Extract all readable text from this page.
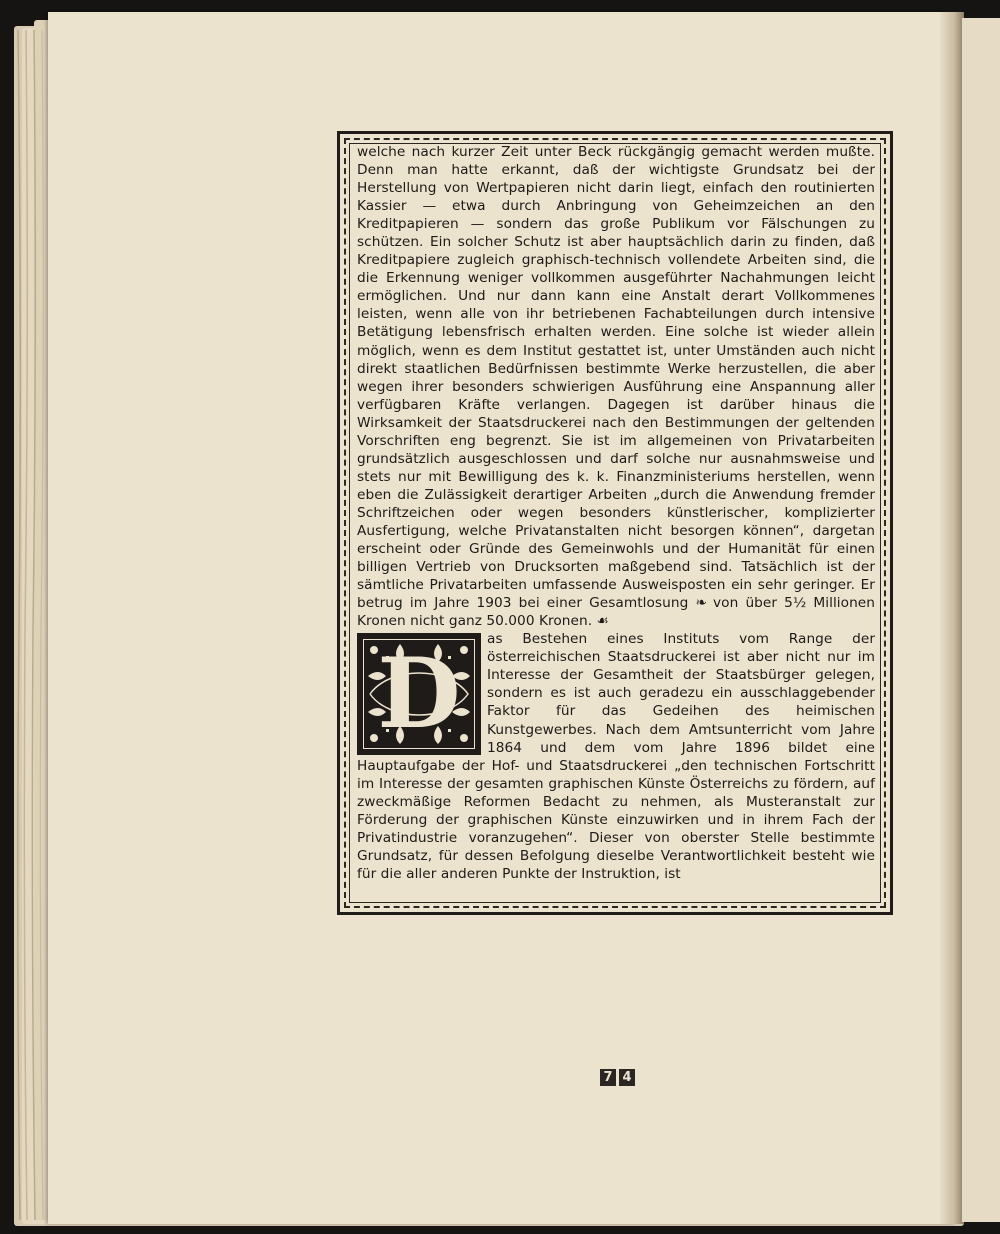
welche nach kurzer Zeit unter Beck rückgängig gemacht werden mußte. Denn man hatte erkannt, daß der wichtigste Grundsatz bei der Herstellung von Wertpapieren nicht darin liegt, einfach den routinierten Kassier — etwa durch Anbringung von Geheimzeichen an den Kreditpapieren — sondern das große Publikum vor Fälschungen zu schützen. Ein solcher Schutz ist aber hauptsächlich darin zu finden, daß Kreditpapiere zugleich graphisch-technisch vollendete Arbeiten sind, die die Erkennung weniger vollkommen ausgeführter Nachahmungen leicht ermöglichen. Und nur dann kann eine Anstalt derart Vollkommenes leisten, wenn alle von ihr betriebenen Fachabteilungen durch intensive Betätigung lebensfrisch erhalten werden. Eine solche ist wieder allein möglich, wenn es dem Institut gestattet ist, unter Umständen auch nicht direkt staatlichen Bedürfnissen bestimmte Werke herzustellen, die aber wegen ihrer besonders schwierigen Ausführung eine Anspannung aller verfügbaren Kräfte verlangen. Dagegen ist darüber hinaus die Wirksamkeit der Staatsdruckerei nach den Bestimmungen der geltenden Vorschriften eng begrenzt. Sie ist im allgemeinen von Privatarbeiten grundsätzlich ausgeschlossen und darf solche nur ausnahmsweise und stets nur mit Bewilligung des k. k. Finanzministeriums herstellen, wenn eben die Zulässigkeit derartiger Arbeiten „durch die Anwendung fremder Schriftzeichen oder wegen besonders künstlerischer, komplizierter Ausfertigung, welche Privatanstalten nicht besorgen können“, dargetan erscheint oder Gründe des Gemeinwohls und der Humanität für einen billigen Vertrieb von Drucksorten maßgebend sind. Tatsächlich ist der sämtliche Privatarbeiten umfassende Ausweisposten ein sehr geringer. Er betrug im Jahre 1903 bei einer Gesamtlosung ❧ von über 5½ Millionen Kronen nicht ganz 50.000 Kronen. ☙

D	as Bestehen eines Instituts vom Range der österreichischen Staatsdruckerei ist aber nicht nur im Interesse der Gesamtheit der Staatsbürger gelegen, sondern es ist auch geradezu ein ausschlaggebender Faktor für das Gedeihen des heimischen Kunstgewerbes. Nach dem Amtsunterricht vom Jahre 1864 und dem vom Jahre 1896 bildet eine Hauptaufgabe der Hof- und Staatsdruckerei „den technischen Fortschritt im Interesse der gesamten graphischen Künste Österreichs zu fördern, auf zweckmäßige Reformen Bedacht zu nehmen, als Musteranstalt zur Förderung der graphischen Künste einzuwirken und in ihrem Fach der Privatindustrie voranzugehen“. Dieser von oberster Stelle bestimmte Grundsatz, für dessen Befolgung dieselbe Verantwortlichkeit besteht wie für die aller anderen Punkte der Instruktion, ist

7 4
